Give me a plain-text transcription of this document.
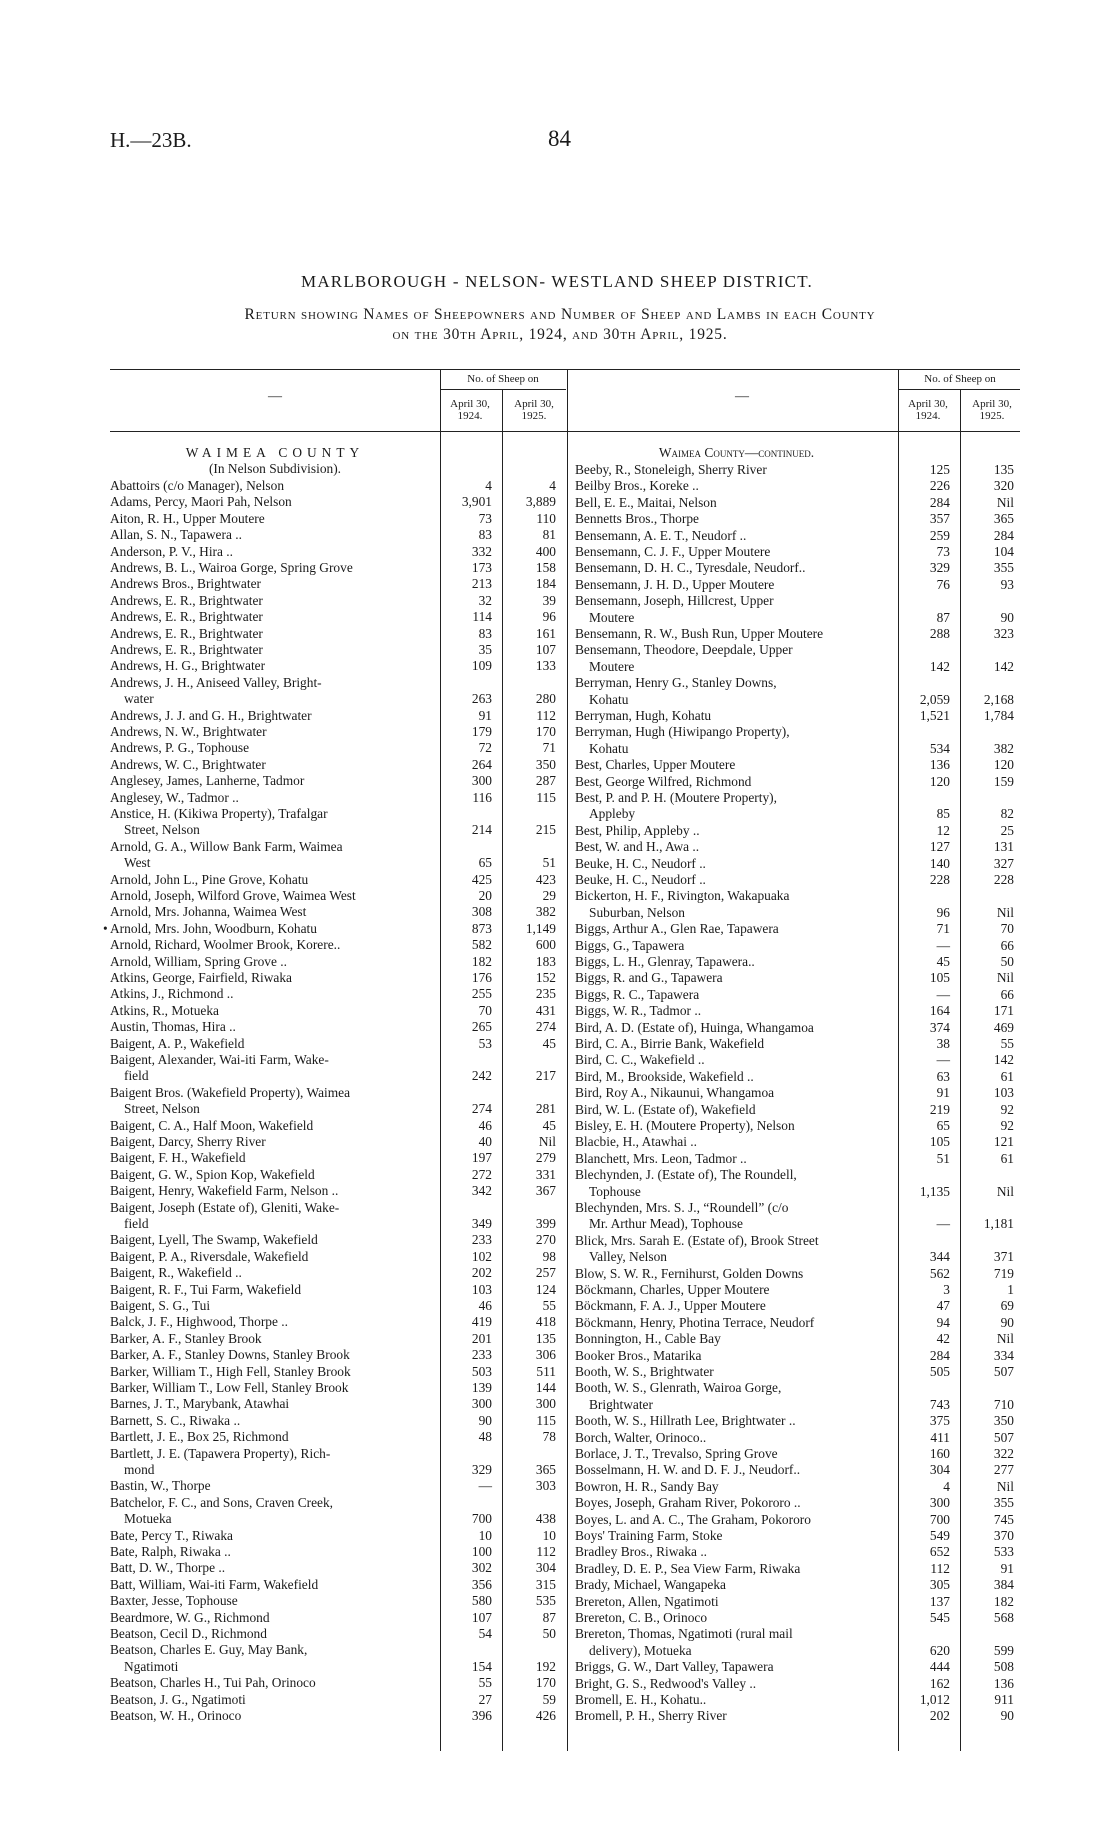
H.—23B.	84
MARLBOROUGH - NELSON- WESTLAND SHEEP DISTRICT.
Return showing Names of Sheepowners and Number of Sheep and Lambs in each County
on the 30th April, 1924, and 30th April, 1925.
—
No. of Sheep on
April 30, 1924.
April 30, 1925.
—
No. of Sheep on
April 30, 1924.
April 30, 1925.
WAIMEA COUNTY
(In Nelson Subdivision).
Waimea County—continued.
Abattoirs (c/o Manager), Nelson	4	4
Adams, Percy, Maori Pah, Nelson	3,901	3,889
Aiton, R. H., Upper Moutere	73	110
Allan, S. N., Tapawera ..	83	81
Anderson, P. V., Hira ..	332	400
Andrews, B. L., Wairoa Gorge, Spring Grove	173	158
Andrews Bros., Brightwater	213	184
Andrews, E. R., Brightwater	32	39
Andrews, E. R., Brightwater	114	96
Andrews, E. R., Brightwater	83	161
Andrews, E. R., Brightwater	35	107
Andrews, H. G., Brightwater	109	133
Andrews, J. H., Aniseed Valley, Bright-
water	263	280
Andrews, J. J. and G. H., Brightwater	91	112
Andrews, N. W., Brightwater	179	170
Andrews, P. G., Tophouse	72	71
Andrews, W. C., Brightwater	264	350
Anglesey, James, Lanherne, Tadmor	300	287
Anglesey, W., Tadmor ..	116	115
Anstice, H. (Kikiwa Property), Trafalgar
Street, Nelson	214	215
Arnold, G. A., Willow Bank Farm, Waimea
West	65	51
Arnold, John L., Pine Grove, Kohatu	425	423
Arnold, Joseph, Wilford Grove, Waimea West	20	29
Arnold, Mrs. Johanna, Waimea West	308	382
• Arnold, Mrs. John, Woodburn, Kohatu	873	1,149
Arnold, Richard, Woolmer Brook, Korere..	582	600
Arnold, William, Spring Grove ..	182	183
Atkins, George, Fairfield, Riwaka	176	152
Atkins, J., Richmond ..	255	235
Atkins, R., Motueka	70	431
Austin, Thomas, Hira ..	265	274
Baigent, A. P., Wakefield	53	45
Baigent, Alexander, Wai-iti Farm, Wake-
field	242	217
Baigent Bros. (Wakefield Property), Waimea
Street, Nelson	274	281
Baigent, C. A., Half Moon, Wakefield	46	45
Baigent, Darcy, Sherry River	40	Nil
Baigent, F. H., Wakefield	197	279
Baigent, G. W., Spion Kop, Wakefield	272	331
Baigent, Henry, Wakefield Farm, Nelson ..	342	367
Baigent, Joseph (Estate of), Gleniti, Wake-
field	349	399
Baigent, Lyell, The Swamp, Wakefield	233	270
Baigent, P. A., Riversdale, Wakefield	102	98
Baigent, R., Wakefield ..	202	257
Baigent, R. F., Tui Farm, Wakefield	103	124
Baigent, S. G., Tui	46	55
Balck, J. F., Highwood, Thorpe ..	419	418
Barker, A. F., Stanley Brook	201	135
Barker, A. F., Stanley Downs, Stanley Brook	233	306
Barker, William T., High Fell, Stanley Brook	503	511
Barker, William T., Low Fell, Stanley Brook	139	144
Barnes, J. T., Marybank, Atawhai	300	300
Barnett, S. C., Riwaka ..	90	115
Bartlett, J. E., Box 25, Richmond	48	78
Bartlett, J. E. (Tapawera Property), Rich-
mond	329	365
Bastin, W., Thorpe	—	303
Batchelor, F. C., and Sons, Craven Creek,
Motueka	700	438
Bate, Percy T., Riwaka	10	10
Bate, Ralph, Riwaka ..	100	112
Batt, D. W., Thorpe ..	302	304
Batt, William, Wai-iti Farm, Wakefield	356	315
Baxter, Jesse, Tophouse	580	535
Beardmore, W. G., Richmond	107	87
Beatson, Cecil D., Richmond	54	50
Beatson, Charles E. Guy, May Bank,
Ngatimoti	154	192
Beatson, Charles H., Tui Pah, Orinoco	55	170
Beatson, J. G., Ngatimoti	27	59
Beatson, W. H., Orinoco	396	426
Beeby, R., Stoneleigh, Sherry River	125	135
Beilby Bros., Koreke ..	226	320
Bell, E. E., Maitai, Nelson	284	Nil
Bennetts Bros., Thorpe	357	365
Bensemann, A. E. T., Neudorf ..	259	284
Bensemann, C. J. F., Upper Moutere	73	104
Bensemann, D. H. C., Tyresdale, Neudorf..	329	355
Bensemann, J. H. D., Upper Moutere	76	93
Bensemann, Joseph, Hillcrest, Upper
Moutere	87	90
Bensemann, R. W., Bush Run, Upper Moutere	288	323
Bensemann, Theodore, Deepdale, Upper
Moutere	142	142
Berryman, Henry G., Stanley Downs,
Kohatu	2,059	2,168
Berryman, Hugh, Kohatu	1,521	1,784
Berryman, Hugh (Hiwipango Property),
Kohatu	534	382
Best, Charles, Upper Moutere	136	120
Best, George Wilfred, Richmond	120	159
Best, P. and P. H. (Moutere Property),
Appleby	85	82
Best, Philip, Appleby ..	12	25
Best, W. and H., Awa ..	127	131
Beuke, H. C., Neudorf ..	140	327
Beuke, H. C., Neudorf ..	228	228
Bickerton, H. F., Rivington, Wakapuaka
Suburban, Nelson	96	Nil
Biggs, Arthur A., Glen Rae, Tapawera	71	70
Biggs, G., Tapawera	—	66
Biggs, L. H., Glenray, Tapawera..	45	50
Biggs, R. and G., Tapawera	105	Nil
Biggs, R. C., Tapawera	—	66
Biggs, W. R., Tadmor ..	164	171
Bird, A. D. (Estate of), Huinga, Whangamoa	374	469
Bird, C. A., Birrie Bank, Wakefield	38	55
Bird, C. C., Wakefield ..	—	142
Bird, M., Brookside, Wakefield ..	63	61
Bird, Roy A., Nikaunui, Whangamoa	91	103
Bird, W. L. (Estate of), Wakefield	219	92
Bisley, E. H. (Moutere Property), Nelson	65	92
Blacbie, H., Atawhai ..	105	121
Blanchett, Mrs. Leon, Tadmor ..	51	61
Blechynden, J. (Estate of), The Roundell,
Tophouse	1,135	Nil
Blechynden, Mrs. S. J., “Roundell” (c/o
Mr. Arthur Mead), Tophouse	—	1,181
Blick, Mrs. Sarah E. (Estate of), Brook Street
Valley, Nelson	344	371
Blow, S. W. R., Fernihurst, Golden Downs	562	719
Böckmann, Charles, Upper Moutere	3	1
Böckmann, F. A. J., Upper Moutere	47	69
Böckmann, Henry, Photina Terrace, Neudorf	94	90
Bonnington, H., Cable Bay	42	Nil
Booker Bros., Matarika	284	334
Booth, W. S., Brightwater	505	507
Booth, W. S., Glenrath, Wairoa Gorge,
Brightwater	743	710
Booth, W. S., Hillrath Lee, Brightwater ..	375	350
Borch, Walter, Orinoco..	411	507
Borlace, J. T., Trevalso, Spring Grove	160	322
Bosselmann, H. W. and D. F. J., Neudorf..	304	277
Bowron, H. R., Sandy Bay	4	Nil
Boyes, Joseph, Graham River, Pokororo ..	300	355
Boyes, L. and A. C., The Graham, Pokororo	700	745
Boys' Training Farm, Stoke	549	370
Bradley Bros., Riwaka ..	652	533
Bradley, D. E. P., Sea View Farm, Riwaka	112	91
Brady, Michael, Wangapeka	305	384
Brereton, Allen, Ngatimoti	137	182
Brereton, C. B., Orinoco	545	568
Brereton, Thomas, Ngatimoti (rural mail
delivery), Motueka	620	599
Briggs, G. W., Dart Valley, Tapawera	444	508
Bright, G. S., Redwood's Valley ..	162	136
Bromell, E. H., Kohatu..	1,012	911
Bromell, P. H., Sherry River	202	90
